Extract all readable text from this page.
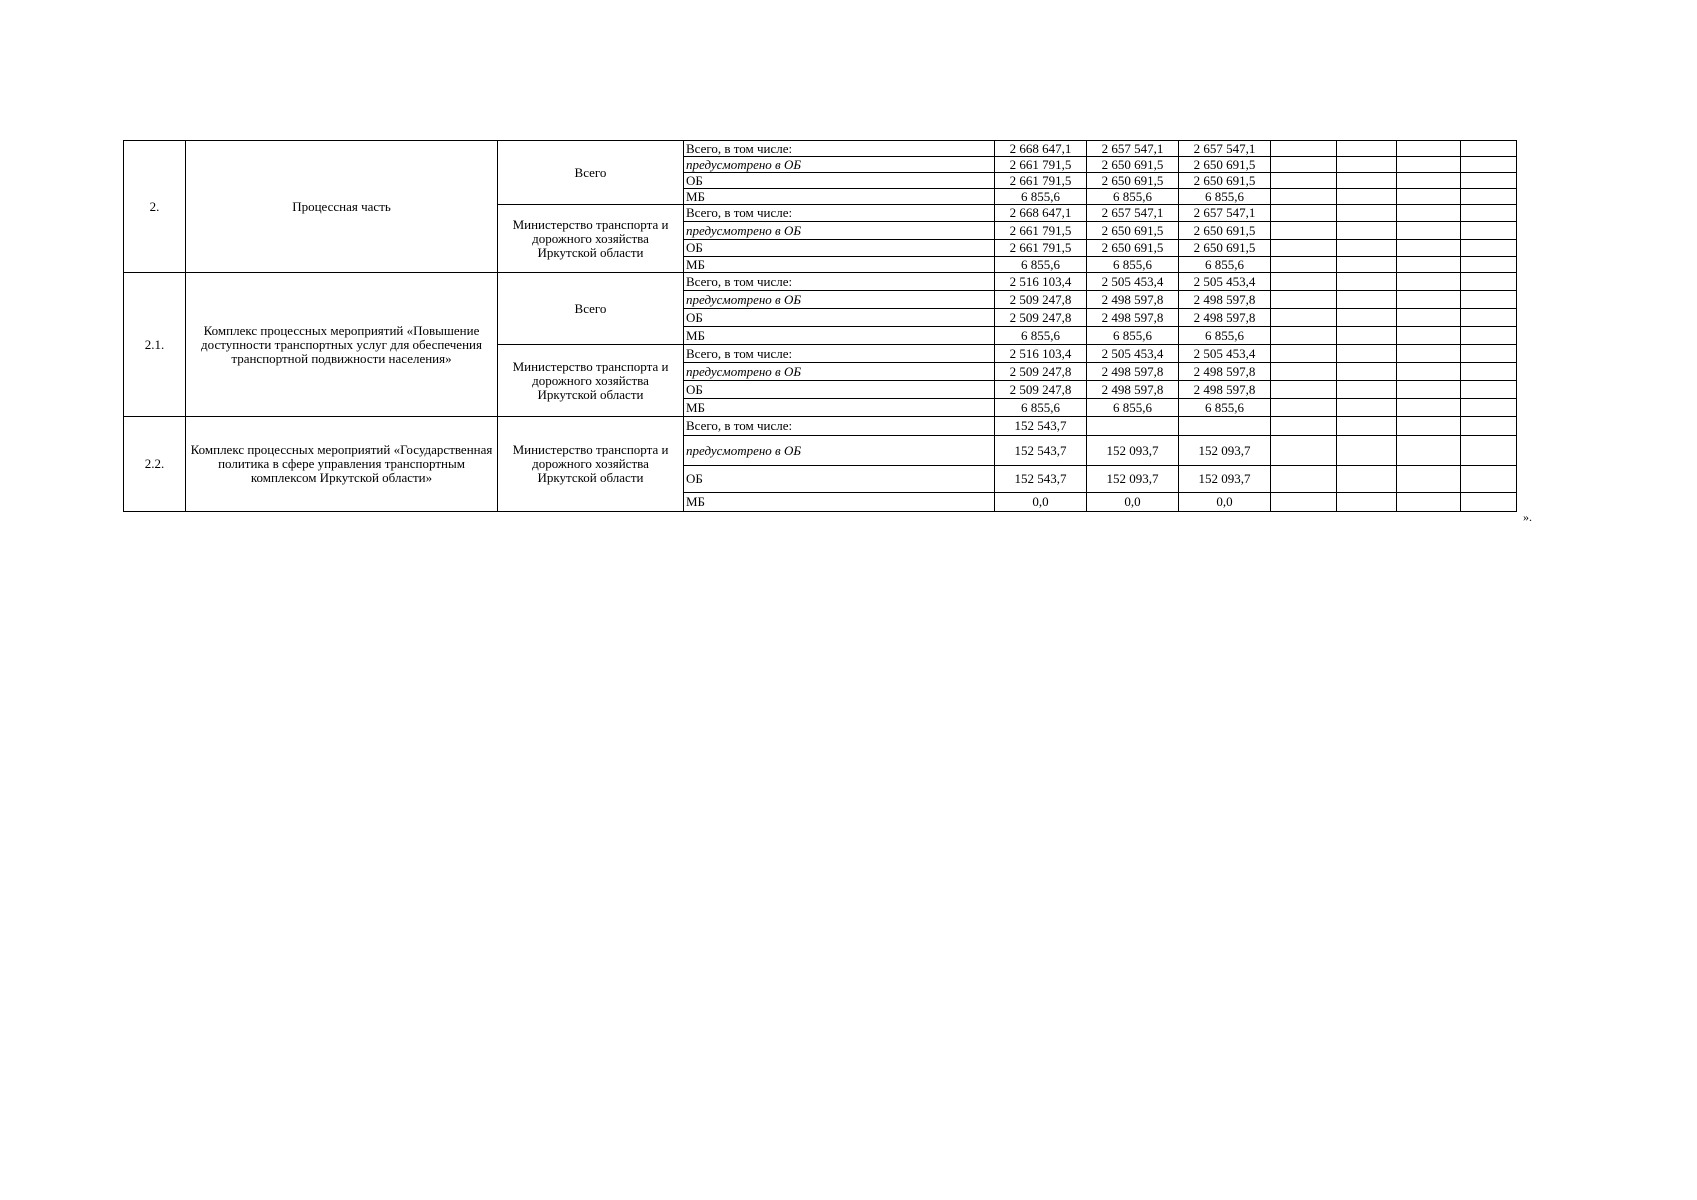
2.	Процессная часть	Всего	Всего, в том числе:	2 668 647,1	2 657 547,1	2 657 547,1				
			предусмотрено в ОБ	2 661 791,5	2 650 691,5	2 650 691,5				
			ОБ	2 661 791,5	2 650 691,5	2 650 691,5				
			МБ	6 855,6	6 855,6	6 855,6				
		Министерство транспорта и дорожного хозяйства Иркутской области	Всего, в том числе:	2 668 647,1	2 657 547,1	2 657 547,1				
			предусмотрено в ОБ	2 661 791,5	2 650 691,5	2 650 691,5				
			ОБ	2 661 791,5	2 650 691,5	2 650 691,5				
			МБ	6 855,6	6 855,6	6 855,6				
2.1.	Комплекс процессных мероприятий «Повышение доступности транспортных услуг для обеспечения транспортной подвижности населения»	Всего	Всего, в том числе:	2 516 103,4	2 505 453,4	2 505 453,4				
			предусмотрено в ОБ	2 509 247,8	2 498 597,8	2 498 597,8				
			ОБ	2 509 247,8	2 498 597,8	2 498 597,8				
			МБ	6 855,6	6 855,6	6 855,6				
		Министерство транспорта и дорожного хозяйства Иркутской области	Всего, в том числе:	2 516 103,4	2 505 453,4	2 505 453,4				
			предусмотрено в ОБ	2 509 247,8	2 498 597,8	2 498 597,8				
			ОБ	2 509 247,8	2 498 597,8	2 498 597,8				
			МБ	6 855,6	6 855,6	6 855,6				
2.2.	Комплекс процессных мероприятий «Государственная политика в сфере управления транспортным комплексом Иркутской области»	Министерство транспорта и дорожного хозяйства Иркутской области	Всего, в том числе:	152 543,7						
			предусмотрено в ОБ	152 543,7	152 093,7	152 093,7				
			ОБ	152 543,7	152 093,7	152 093,7				
			МБ	0,0	0,0	0,0				
».
